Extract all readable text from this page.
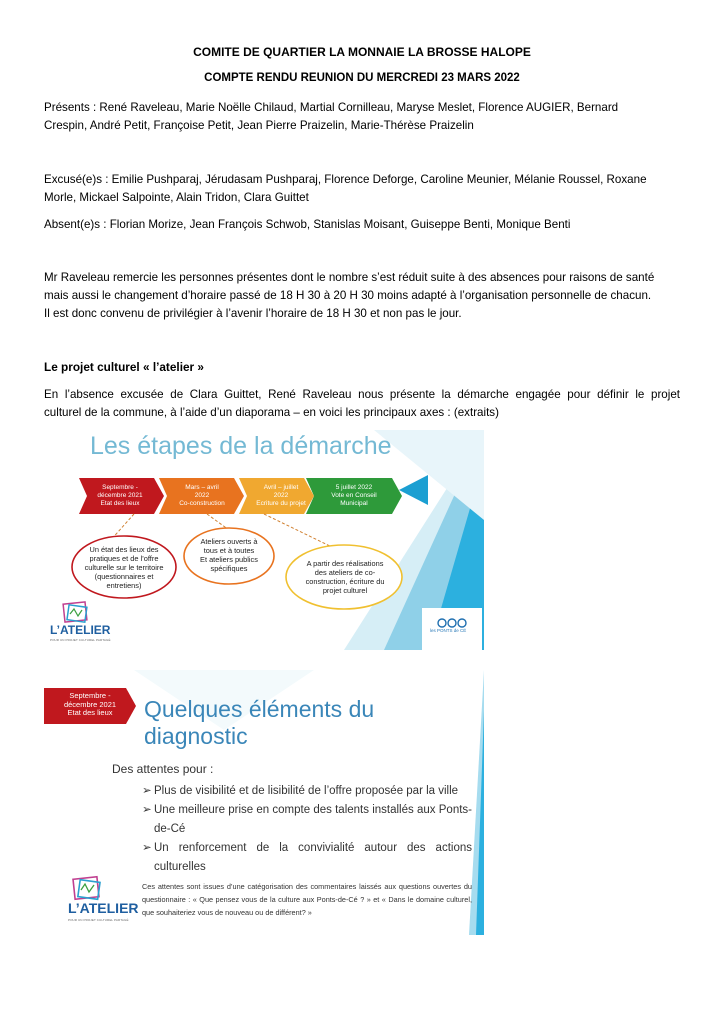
COMITE DE QUARTIER LA MONNAIE LA BROSSE HALOPE
COMPTE RENDU REUNION DU MERCREDI 23 MARS 2022
Présents : René Raveleau, Marie Noëlle Chilaud, Martial Cornilleau, Maryse Meslet, Florence AUGIER, Bernard
Crespin, André Petit, Françoise Petit, Jean Pierre Praizelin, Marie-Thérèse Praizelin
Excusé(e)s : Emilie Pushparaj, Jérudasam Pushparaj, Florence Deforge, Caroline Meunier, Mélanie Roussel, Roxane
Morle, Mickael Salpointe, Alain Tridon, Clara Guittet
Absent(e)s : Florian Morize, Jean François Schwob, Stanislas Moisant, Guiseppe Benti, Monique Benti
Mr Raveleau remercie les personnes présentes dont le nombre s’est réduit suite à des absences pour raisons de santé
mais aussi le changement d’horaire passé de 18 H 30 à 20 H 30 moins adapté à l’organisation personnelle de chacun.
Il est donc convenu de privilégier à l’avenir l’horaire de 18 H 30 et non pas le jour.
Le projet culturel « l’atelier »
En l’absence excusée de Clara Guittet, René Raveleau nous présente la démarche engagée pour définir le projet
culturel de la commune, à l’aide d’un diaporama – en voici les principaux axes : (extraits)
Les étapes de la démarche
Septembre -
décembre 2021
Etat des lieux
Mars – avril
2022
Co-construction
Avril – juillet
2022
Ecriture du projet
5 juillet 2022
Vote en Conseil
Municipal
Un état des lieux des
pratiques et de l’offre
culturelle sur le territoire
(questionnaires et
entretiens)
Ateliers ouverts à
tous et à toutes
Et ateliers publics
spécifiques
A partir des réalisations
des ateliers de co-
construction, écriture du
projet culturel
L’ATELIER
POUR UN PROJET CULTUREL PARTAGÉ
les PONTS de CÉ
Septembre -
décembre 2021
Etat des lieux	Quelques éléments du
diagnostic
Des attentes pour :
➢ Plus de visibilité et de lisibilité de l’offre proposée par la ville
➢ Une meilleure prise en compte des talents installés aux Ponts-de-Cé
➢ Un renforcement de la convivialité autour des actions culturelles
Ces attentes sont issues d’une catégorisation des commentaires laissés aux questions ouvertes du questionnaire : « Que pensez vous de la culture aux Ponts-de-Cé ? » et « Dans le domaine culturel, que souhaiteriez vous de nouveau ou de différent? »
L’ATELIER
POUR UN PROJET CULTUREL PARTAGÉ
